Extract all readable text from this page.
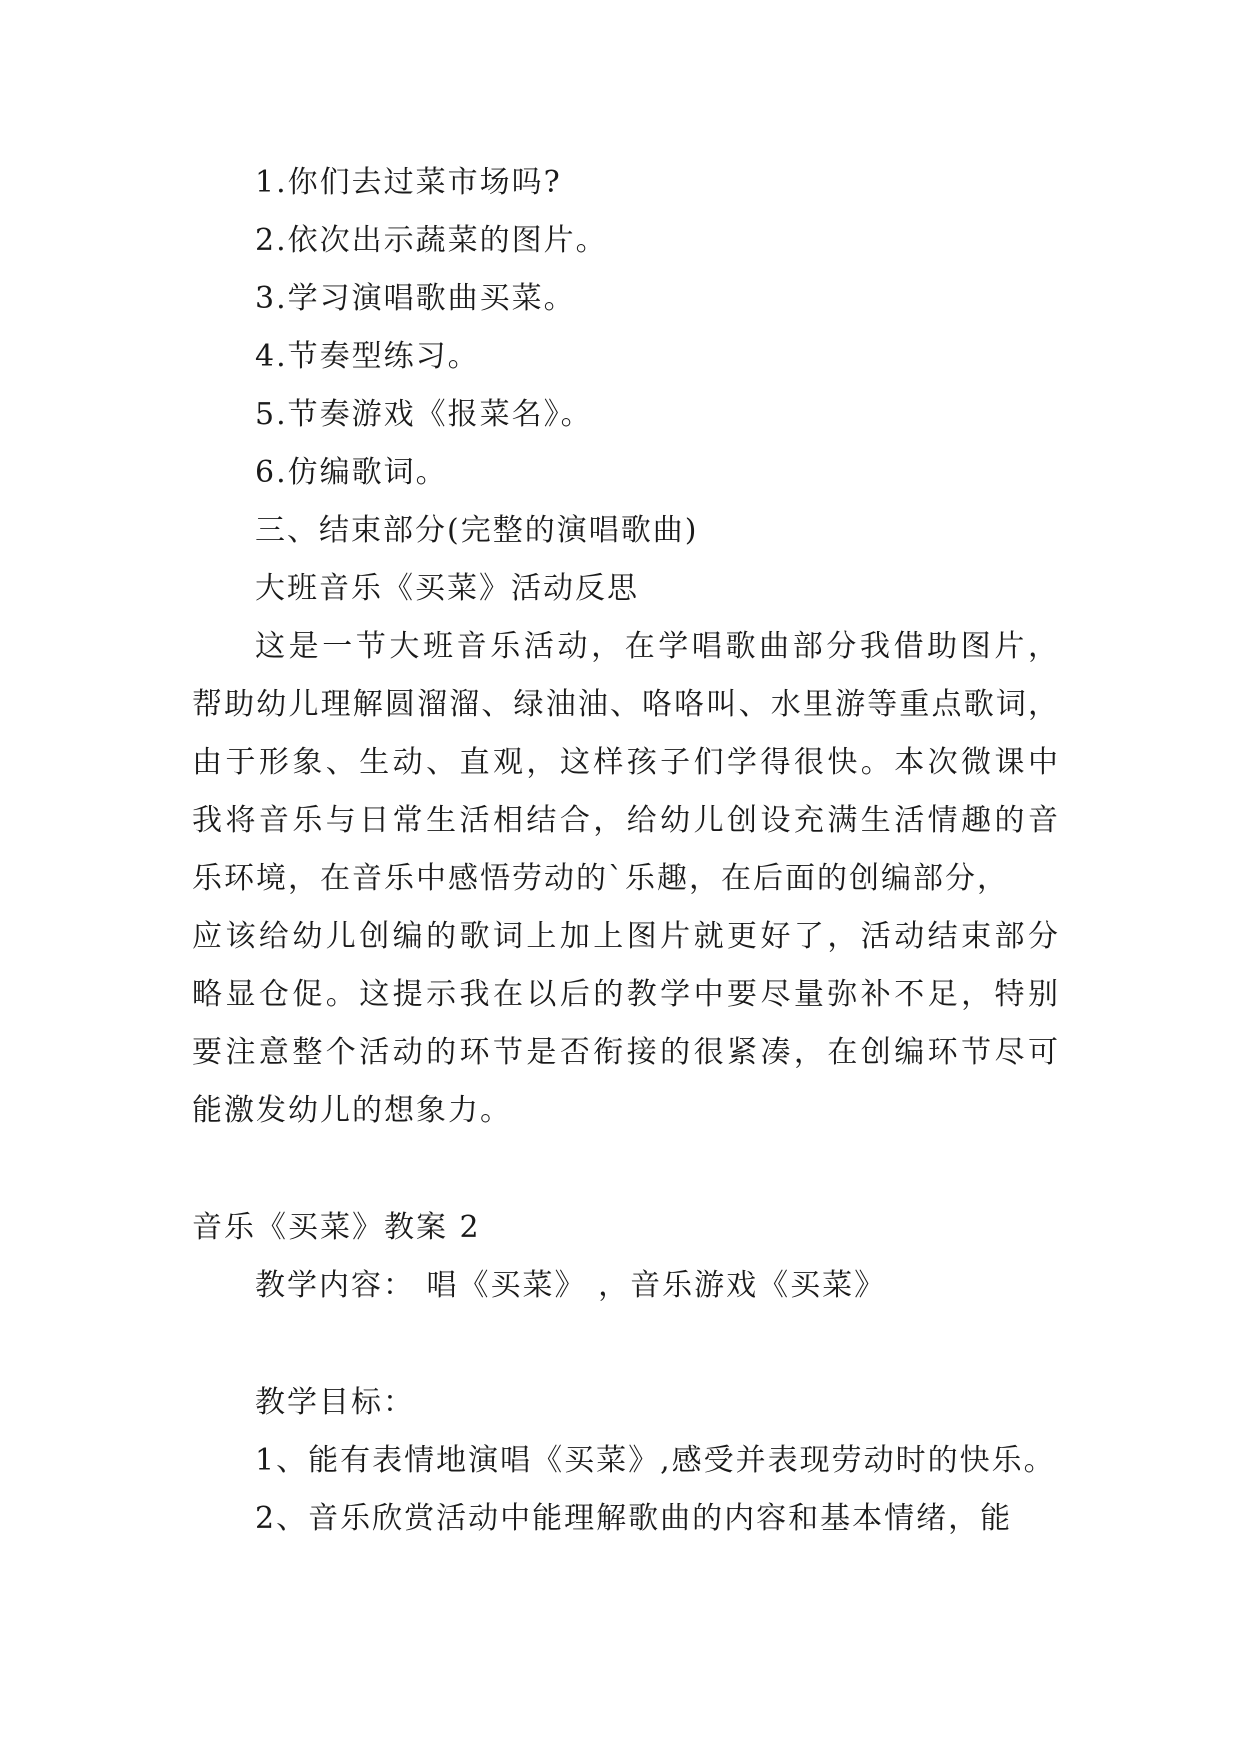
1.你们去过菜市场吗?
2.依次出示蔬菜的图片。
3.学习演唱歌曲买菜。
4.节奏型练习。
5.节奏游戏《报菜名》。
6.仿编歌词。
三、结束部分(完整的演唱歌曲)
大班音乐《买菜》活动反思
这是一节大班音乐活动，在学唱歌曲部分我借助图片，
帮助幼儿理解圆溜溜、绿油油、咯咯叫、水里游等重点歌词，
由于形象、生动、直观，这样孩子们学得很快。本次微课中
我将音乐与日常生活相结合，给幼儿创设充满生活情趣的音
乐环境，在音乐中感悟劳动的`乐趣，在后面的创编部分，
应该给幼儿创编的歌词上加上图片就更好了，活动结束部分
略显仓促。这提示我在以后的教学中要尽量弥补不足，特别
要注意整个活动的环节是否衔接的很紧凑，在创编环节尽可
能激发幼儿的想象力。
音乐《买菜》教案 2
教学内容： 唱《买菜》 ，音乐游戏《买菜》
教学目标：
1、能有表情地演唱《买菜》,感受并表现劳动时的快乐。
2、音乐欣赏活动中能理解歌曲的内容和基本情绪，能
